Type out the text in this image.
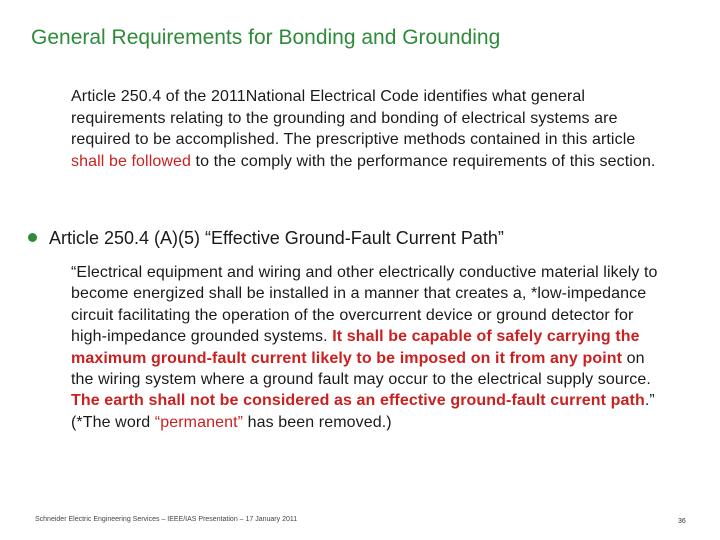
General Requirements for Bonding and Grounding
Article 250.4 of the 2011National Electrical Code identifies what general requirements relating to the grounding and bonding of electrical systems are required to be accomplished. The prescriptive methods contained in this article shall be followed to the comply with the performance requirements of this section.
Article 250.4 (A)(5) “Effective Ground-Fault Current Path”
“Electrical equipment and wiring and other electrically conductive material likely to become energized shall be installed in a manner that creates a, *low-impedance circuit facilitating the operation of the overcurrent device or ground detector for high-impedance grounded systems. It shall be capable of safely carrying the maximum ground-fault current likely to be imposed on it from any point on the wiring system where a ground fault may occur to the electrical supply source. The earth shall not be considered as an effective ground-fault current path.” (*The word “permanent” has been removed.)
Schneider Electric Engineering Services – IEEE/IAS Presentation – 17 January 2011	36
